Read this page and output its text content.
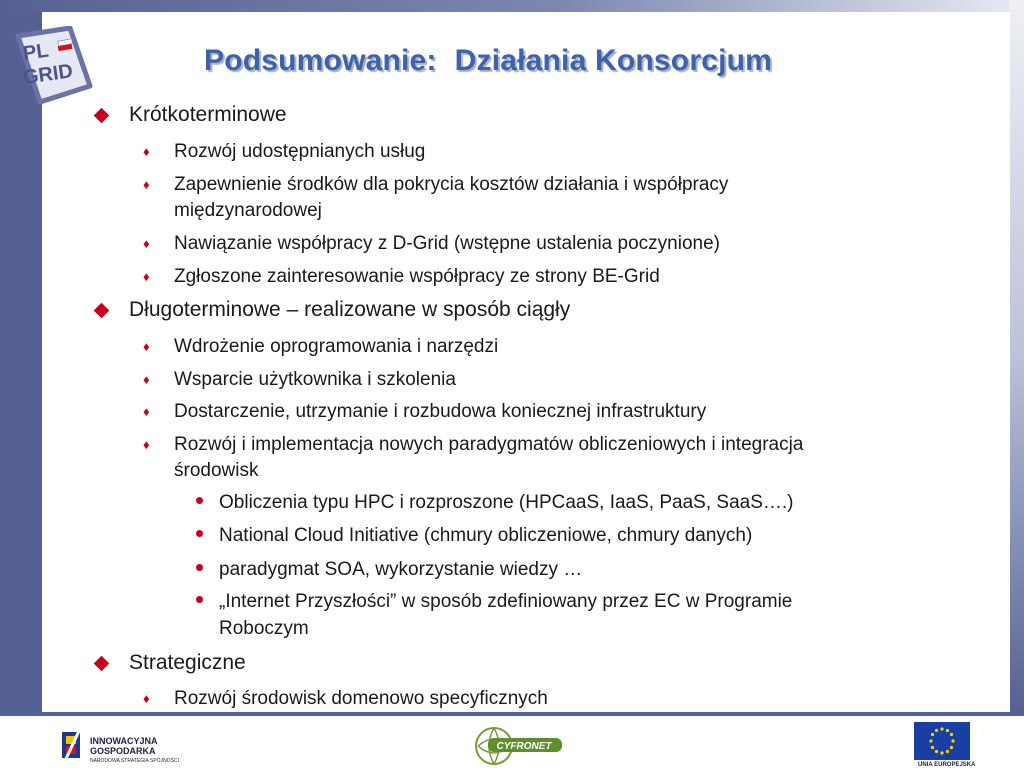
PL
GRID	Podsumowanie: Działania Konsorcjum
Krótkoterminowe
♦ Rozwój udostępnianych usług
♦ Zapewnienie środków dla pokrycia kosztów działania i współpracy
międzynarodowej
♦ Nawiązanie współpracy z D-Grid (wstępne ustalenia poczynione)
♦ Zgłoszone zainteresowanie współpracy ze strony BE-Grid
Długoterminowe – realizowane w sposób ciągły
♦ Wdrożenie oprogramowania i narzędzi
♦ Wsparcie użytkownika i szkolenia
♦ Dostarczenie, utrzymanie i rozbudowa koniecznej infrastruktury
♦ Rozwój i implementacja nowych paradygmatów obliczeniowych i integracja
środowisk
Obliczenia typu HPC i rozproszone (HPCaaS, IaaS, PaaS, SaaS….)
National Cloud Initiative (chmury obliczeniowe, chmury danych)
paradygmat SOA, wykorzystanie wiedzy …
„Internet Przyszłości” w sposób zdefiniowany przez EC w Programie
Roboczym
Strategiczne
♦ Rozwój środowisk domenowo specyficznych
INNOWACYJNA
GOSPODARKA
NARODOWA STRATEGIA SPÓJNOŚCI
CYFRONET
UNIA EUROPEJSKA
